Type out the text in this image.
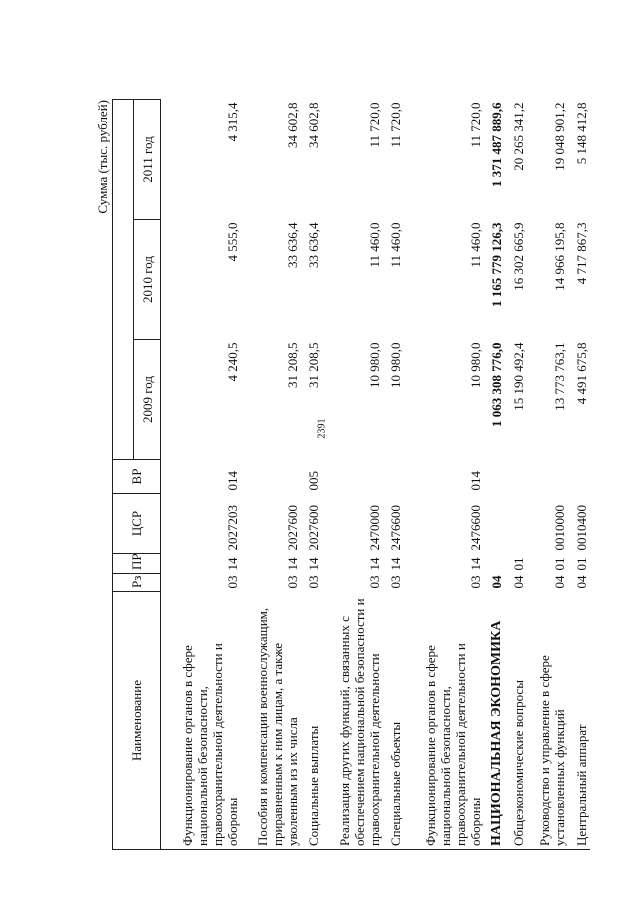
2391
Сумма (тыс. рублей)
Наименование	Рз	ПР	ЦСР	ВР			
					2009 год	2010 год	2011 год
Функционирование органов в сфере национальной безопасности, правоохранительной деятельности и обороны	03	14	2027203	014	4 240,5	4 555,0	4 315,4
Пособия и компенсации военнослужащим, приравненным к ним лицам, а также уволенным из их числа	03	14	2027600		31 208,5	33 636,4	34 602,8
Социальные выплаты	03	14	2027600	005	31 208,5	33 636,4	34 602,8
Реализация других функций, связанных с обеспечением национальной безопасности и правоохранительной деятельности	03	14	2470000		10 980,0	11 460,0	11 720,0
Специальные объекты	03	14	2476600		10 980,0	11 460,0	11 720,0
Функционирование органов в сфере национальной безопасности, правоохранительной деятельности и обороны	03	14	2476600	014	10 980,0	11 460,0	11 720,0
НАЦИОНАЛЬНАЯ ЭКОНОМИКА	04				1 063 308 776,0	1 165 779 126,3	1 371 487 889,6
Общеэкономические вопросы	04	01			15 190 492,4	16 302 665,9	20 265 341,2
Руководство и управление в сфере установленных функций	04	01	0010000		13 773 763,1	14 966 195,8	19 048 901,2
Центральный аппарат	04	01	0010400		4 491 675,8	4 717 867,3	5 148 412,8
